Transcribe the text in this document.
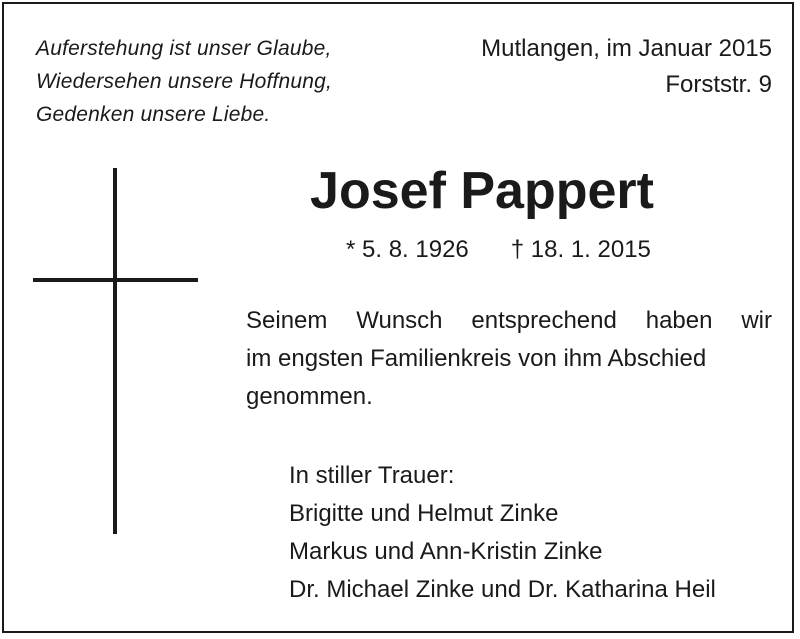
Auferstehung ist unser Glaube,
Wiedersehen unsere Hoffnung,
Gedenken unsere Liebe.
Mutlangen, im Januar 2015
Forststr. 9
Josef Pappert
* 5. 8. 1926 † 18. 1. 2015
Seinem Wunsch entsprechend haben wir
im engsten Familienkreis von ihm Abschied
genommen.
In stiller Trauer:
Brigitte und Helmut Zinke
Markus und Ann-Kristin Zinke
Dr. Michael Zinke und Dr. Katharina Heil
